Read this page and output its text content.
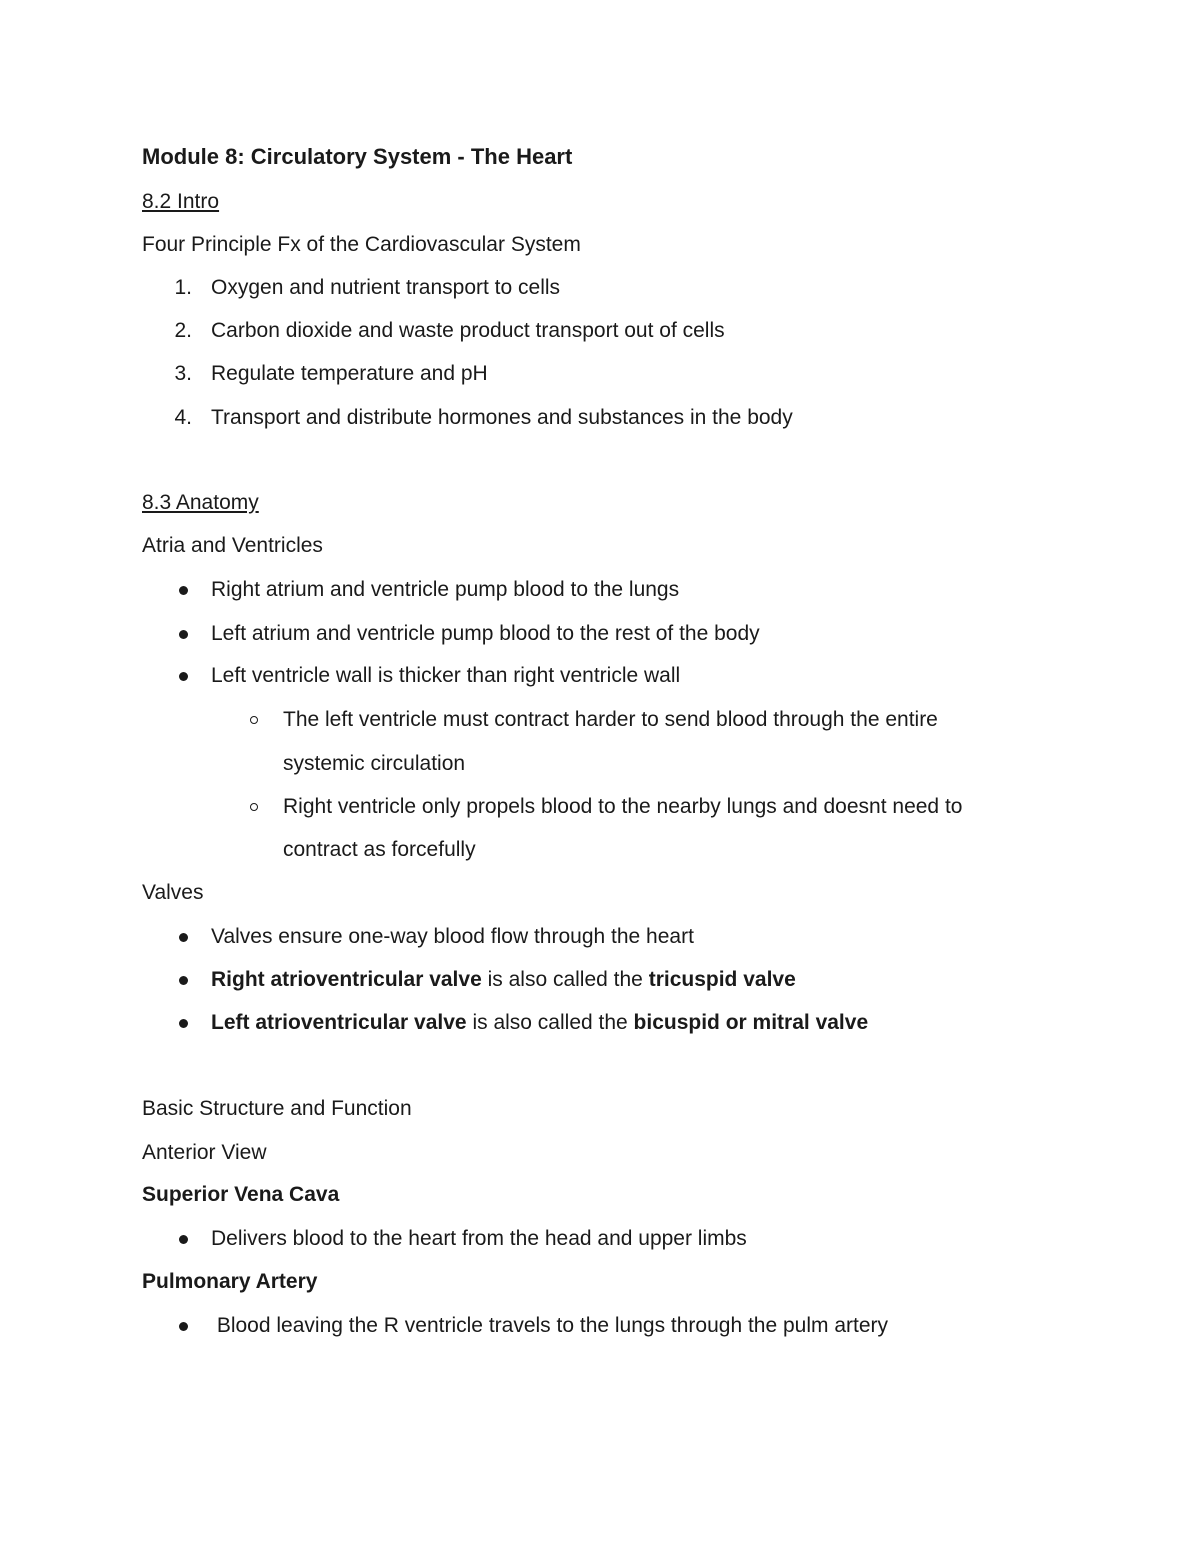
Module 8: Circulatory System - The Heart
8.2 Intro
Four Principle Fx of the Cardiovascular System
1. Oxygen and nutrient transport to cells
2. Carbon dioxide and waste product transport out of cells
3. Regulate temperature and pH
4. Transport and distribute hormones and substances in the body
8.3 Anatomy
Atria and Ventricles
Right atrium and ventricle pump blood to the lungs
Left atrium and ventricle pump blood to the rest of the body
Left ventricle wall is thicker than right ventricle wall
The left ventricle must contract harder to send blood through the entire
systemic circulation
Right ventricle only propels blood to the nearby lungs and doesnt need to
contract as forcefully
Valves
Valves ensure one-way blood flow through the heart
Right atrioventricular valve is also called the tricuspid valve
Left atrioventricular valve is also called the bicuspid or mitral valve
Basic Structure and Function
Anterior View
Superior Vena Cava
Delivers blood to the heart from the head and upper limbs
Pulmonary Artery
Blood leaving the R ventricle travels to the lungs through the pulm artery
